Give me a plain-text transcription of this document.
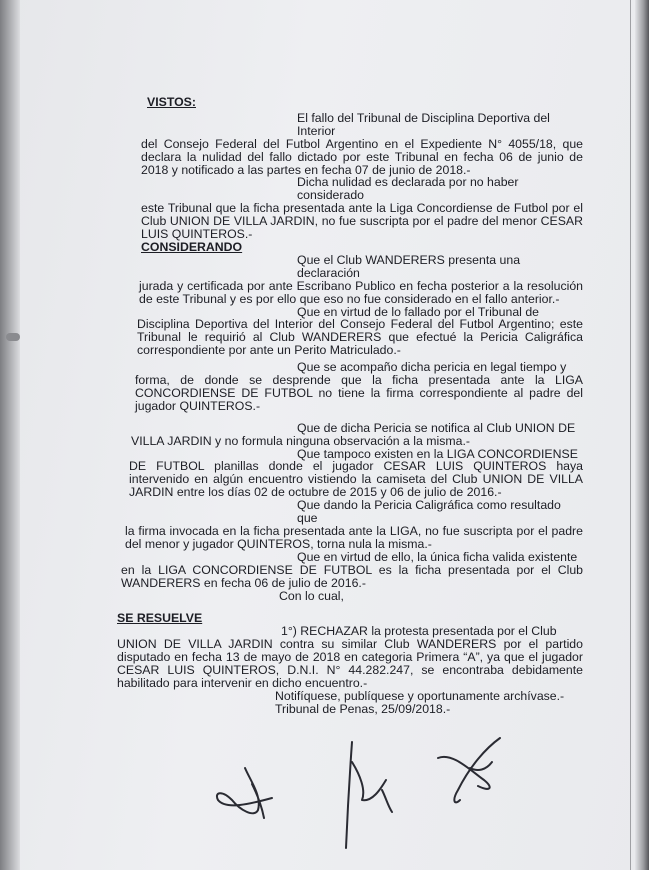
VISTOS:

El fallo del Tribunal de Disciplina Deportiva del Interior

del Consejo Federal del Futbol Argentino en el Expediente N° 4055/18, que declara la nulidad del fallo dictado por este Tribunal en fecha 06 de junio de 2018 y notificado a las partes en fecha 07 de junio de 2018.-

Dicha nulidad es declarada por no haber considerado

este Tribunal que la ficha presentada ante la Liga Concordiense de Futbol por el Club UNION DE VILLA JARDIN, no fue suscripta por el padre del menor CESAR LUIS QUINTEROS.-

CONSIDERANDO

Que el Club WANDERERS presenta una declaración

jurada y certificada por ante Escribano Publico en fecha posterior a la resolución de este Tribunal y es por ello que eso no fue considerado en el fallo anterior.-

Que en virtud de lo fallado por el Tribunal de

Disciplina Deportiva del Interior del Consejo Federal del Futbol Argentino; este Tribunal le requirió al Club WANDERERS que efectué la Pericia Caligráfica correspondiente por ante un Perito Matriculado.-

Que se acompaño dicha pericia en legal tiempo y

forma, de donde se desprende que la ficha presentada ante la LIGA CONCORDIENSE DE FUTBOL no tiene la firma correspondiente al padre del jugador QUINTEROS.-

Que de dicha Pericia se notifica al Club UNION DE

VILLA JARDIN y no formula ninguna observación a la misma.-

Que tampoco existen en la LIGA CONCORDIENSE

DE FUTBOL planillas donde el jugador CESAR LUIS QUINTEROS haya intervenido en algún encuentro vistiendo la camiseta del Club UNION DE VILLA JARDIN entre los días 02 de octubre de 2015 y 06 de julio de 2016.-

Que dando la Pericia Caligráfica como resultado que

la firma invocada en la ficha presentada ante la LIGA, no fue suscripta por el padre del menor y jugador QUINTEROS, torna nula la misma.-

Que en virtud de ello, la única ficha valida existente

en la LIGA CONCORDIENSE DE FUTBOL es la ficha presentada por el Club WANDERERS en fecha 06 de julio de 2016.-

Con lo cual,

SE RESUELVE

1°) RECHAZAR la protesta presentada por el Club

UNION DE VILLA JARDIN contra su similar Club WANDERERS por el partido disputado en fecha 13 de mayo de 2018 en categoria Primera “A”, ya que el jugador CESAR LUIS QUINTEROS, D.N.I. N° 44.282.247, se encontraba debidamente habilitado para intervenir en dicho encuentro.-

Notifíquese, publíquese y oportunamente archívase.-

Tribunal de Penas, 25/09/2018.-
